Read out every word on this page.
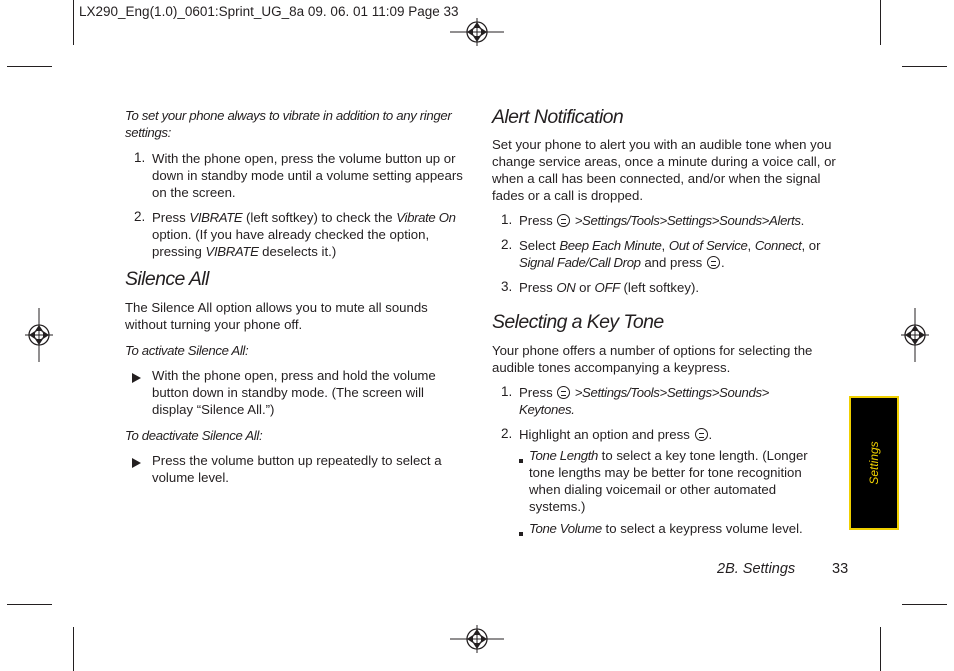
LX290_Eng(1.0)_0601:Sprint_UG_8a 09. 06. 01 11:09 Page 33
To set your phone always to vibrate in addition to any ringer settings:
1. With the phone open, press the volume button up or down in standby mode until a volume setting appears on the screen.
2. Press VIBRATE (left softkey) to check the Vibrate On option. (If you have already checked the option, pressing VIBRATE deselects it.)
Silence All
The Silence All option allows you to mute all sounds without turning your phone off.
To activate Silence All:
With the phone open, press and hold the volume button down in standby mode. (The screen will display “Silence All.”)
To deactivate Silence All:
Press the volume button up repeatedly to select a volume level.
Alert Notification
Set your phone to alert you with an audible tone when you change service areas, once a minute during a voice call, or when a call has been connected, and/or when the signal fades or a call is dropped.
1. Press  >Settings/Tools>Settings>Sounds>Alerts.
2. Select Beep Each Minute, Out of Service, Connect, or
Signal Fade/Call Drop and press .
3. Press ON or OFF (left softkey).
Selecting a Key Tone
Your phone offers a number of options for selecting the audible tones accompanying a keypress.
1. Press  >Settings/Tools>Settings>Sounds>
Keytones.
2. Highlight an option and press .
Tone Length to select a key tone length. (Longer tone lengths may be better for tone recognition when dialing voicemail or other automated systems.)
Tone Volume to select a keypress volume level.
2B. Settings	33
Settings
